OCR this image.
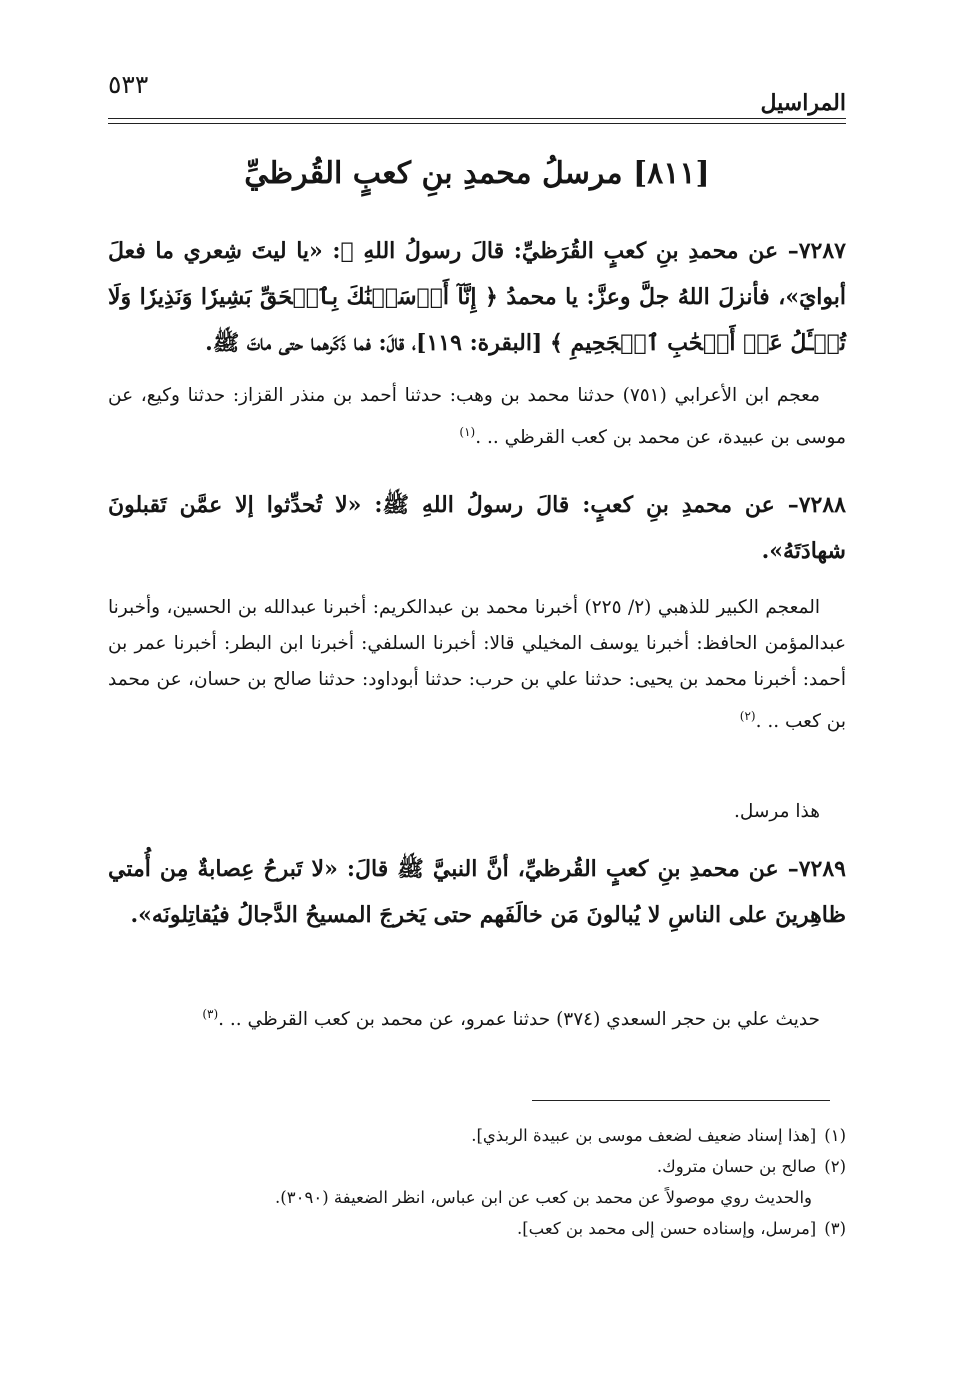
٥٣٣
المراسيل
[٨١١] مرسلُ محمدِ بنِ كعبٍ القُرظيِّ
٧٢٨٧– عن محمدِ بنِ كعبٍ القُرَظيِّ: قالَ رسولُ اللهِ ﷺ: «يا ليتَ شِعري ما فعلَ أبوايَ»، فأنزلَ اللهُ جلَّ وعزَّ: يا محمدُ ﴿ إِنَّآ أَرۡسَلۡنَٰكَ بِٱلۡحَقِّ بَشِيرٗا وَنَذِيرٗا وَلَا تُسۡـَٔلُ عَنۡ أَصۡحَٰبِ ٱلۡجَحِيمِ ﴾ [البقرة: ١١٩]، قالَ: فما ذَكَرهما حتى ماتَ ﷺ.
معجم ابن الأعرابي (٧٥١) حدثنا محمد بن وهب: حدثنا أحمد بن منذر القزاز: حدثنا وكيع، عن موسى بن عبيدة، عن محمد بن كعب القرظي .. .$^{(١)}$
٧٢٨٨– عن محمدِ بنِ كعبٍ: قالَ رسولُ اللهِ ﷺ: «لا تُحدِّثوا إلا عمَّن تَقبلونَ شهادَتَهُ».
المعجم الكبير للذهبي (٢/ ٢٢٥) أخبرنا محمد بن عبدالكريم: أخبرنا عبدالله بن الحسين، وأخبرنا عبدالمؤمن الحافظ: أخبرنا يوسف المخيلي قالا: أخبرنا السلفي: أخبرنا ابن البطر: أخبرنا عمر بن أحمد: أخبرنا محمد بن يحيى: حدثنا علي بن حرب: حدثنا أبوداود: حدثنا صالح بن حسان، عن محمد بن كعب .. .$^{(٢)}$
هذا مرسل.
٧٢٨٩– عن محمدِ بنِ كعبٍ القُرظيِّ، أنَّ النبيَّ ﷺ قالَ: «لا تَبرحُ عِصابةٌ مِن أُمتي ظاهِرينَ على الناسِ لا يُبالونَ مَن خالَفَهم حتى يَخرجَ المسيحُ الدَّجالُ فيُقاتِلونَه».
حديث علي بن حجر السعدي (٣٧٤) حدثنا عمرو، عن محمد بن كعب القرظي .. .$^{(٣)}$

(١)[هذا إسناد ضعيف لضعف موسى بن عبيدة الربذي].

(٢)صالح بن حسان متروك.

والحديث روي موصولاً عن محمد بن كعب عن ابن عباس، انظر الضعيفة (٣٠٩٠).

(٣)[مرسل، وإسناده حسن إلى محمد بن كعب].
